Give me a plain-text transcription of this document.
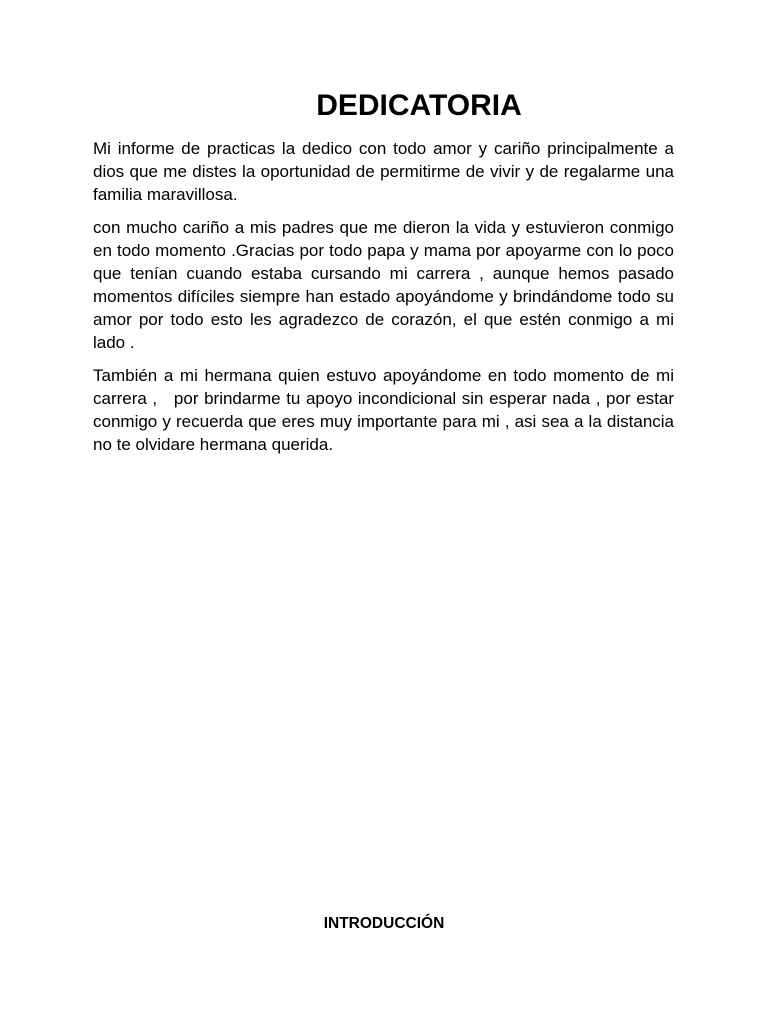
DEDICATORIA

Mi informe de practicas la dedico con todo amor y cariño principalmente a dios que me distes la oportunidad de permitirme de vivir y de regalarme una familia maravillosa.

con mucho cariño a mis padres que me dieron la vida y estuvieron conmigo en todo momento .Gracias por todo papa y mama por apoyarme con lo poco que tenían cuando estaba cursando mi carrera , aunque hemos pasado momentos difíciles siempre han estado apoyándome y brindándome todo su amor por todo esto les agradezco de corazón, el que estén conmigo a mi lado .

También a mi hermana quien estuvo apoyándome en todo momento de mi carrera ,   por brindarme tu apoyo incondicional sin esperar nada , por estar conmigo y recuerda que eres muy importante para mi , asi sea a la distancia no te olvidare hermana querida.

INTRODUCCIÓN
